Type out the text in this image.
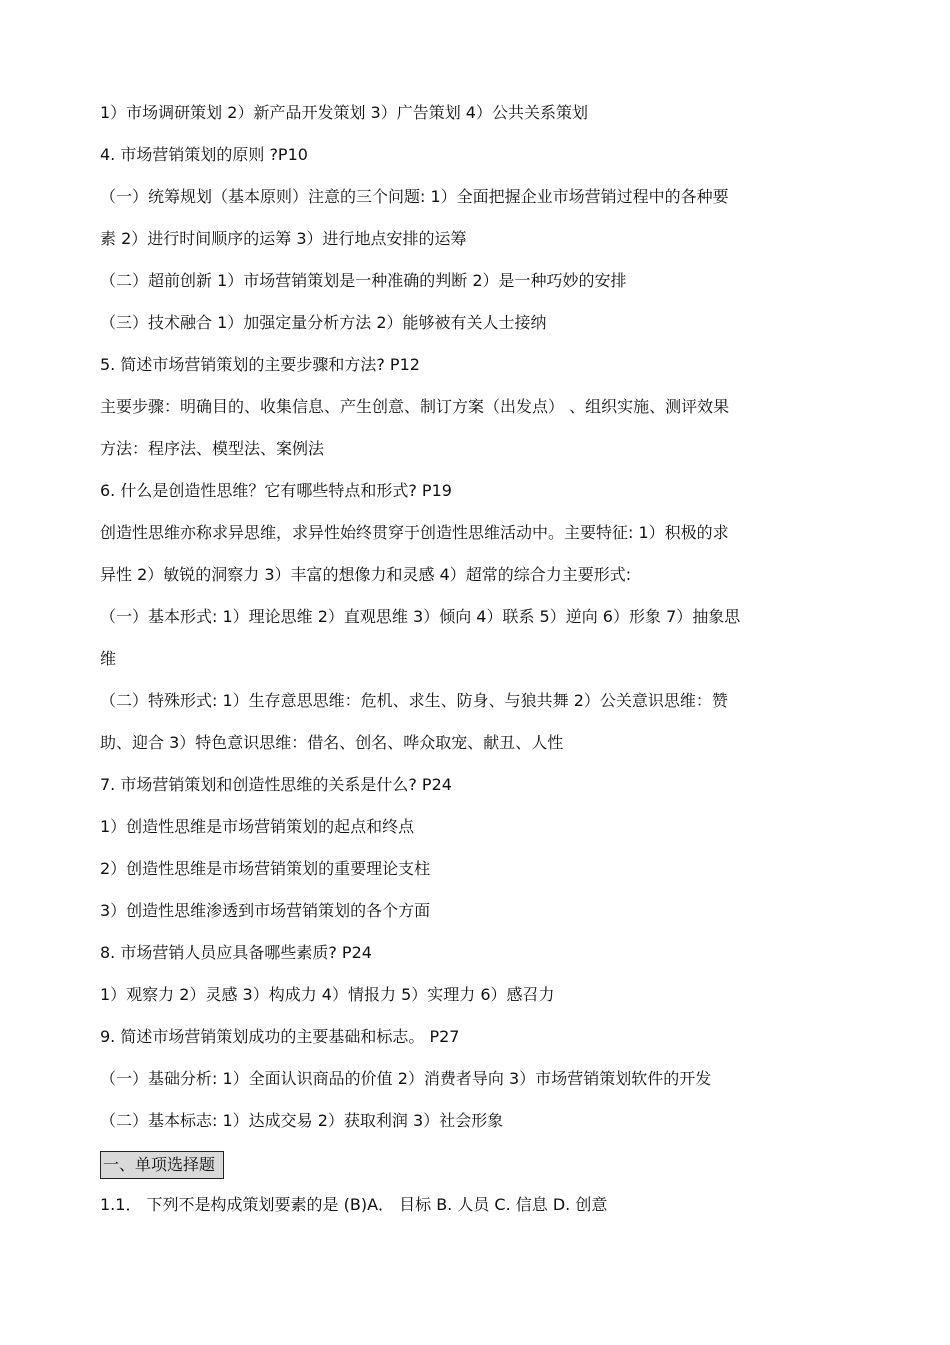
1）市场调研策划 2）新产品开发策划 3）广告策划 4）公共关系策划
4. 市场营销策划的原则 ?P10
（一）统筹规划（基本原则）注意的三个问题: 1）全面把握企业市场营销过程中的各种要
素 2）进行时间顺序的运筹 3）进行地点安排的运筹
（二）超前创新 1）市场营销策划是一种准确的判断 2）是一种巧妙的安排
（三）技术融合 1）加强定量分析方法 2）能够被有关人士接纳
5. 简述市场营销策划的主要步骤和方法? P12
主要步骤：明确目的、收集信息、产生创意、制订方案（出发点） 、组织实施、测评效果
方法：程序法、模型法、案例法
6. 什么是创造性思维？它有哪些特点和形式? P19
创造性思维亦称求异思维，求异性始终贯穿于创造性思维活动中。主要特征: 1）积极的求
异性 2）敏锐的洞察力 3）丰富的想像力和灵感 4）超常的综合力主要形式:
（一）基本形式: 1）理论思维 2）直观思维 3）倾向 4）联系 5）逆向 6）形象 7）抽象思
维
（二）特殊形式: 1）生存意思思维：危机、求生、防身、与狼共舞 2）公关意识思维：赞
助、迎合 3）特色意识思维：借名、创名、哗众取宠、献丑、人性
7. 市场营销策划和创造性思维的关系是什么? P24
1）创造性思维是市场营销策划的起点和终点
2）创造性思维是市场营销策划的重要理论支柱
3）创造性思维渗透到市场营销策划的各个方面
8. 市场营销人员应具备哪些素质? P24
1）观察力 2）灵感 3）构成力 4）情报力 5）实理力 6）感召力
9. 简述市场营销策划成功的主要基础和标志。 P27
（一）基础分析: 1）全面认识商品的价值 2）消费者导向 3）市场营销策划软件的开发
（二）基本标志: 1）达成交易 2）获取利润 3）社会形象
一、单项选择题
1.1． 下列不是构成策划要素的是 (B)A． 目标 B. 人员 C. 信息 D. 创意
